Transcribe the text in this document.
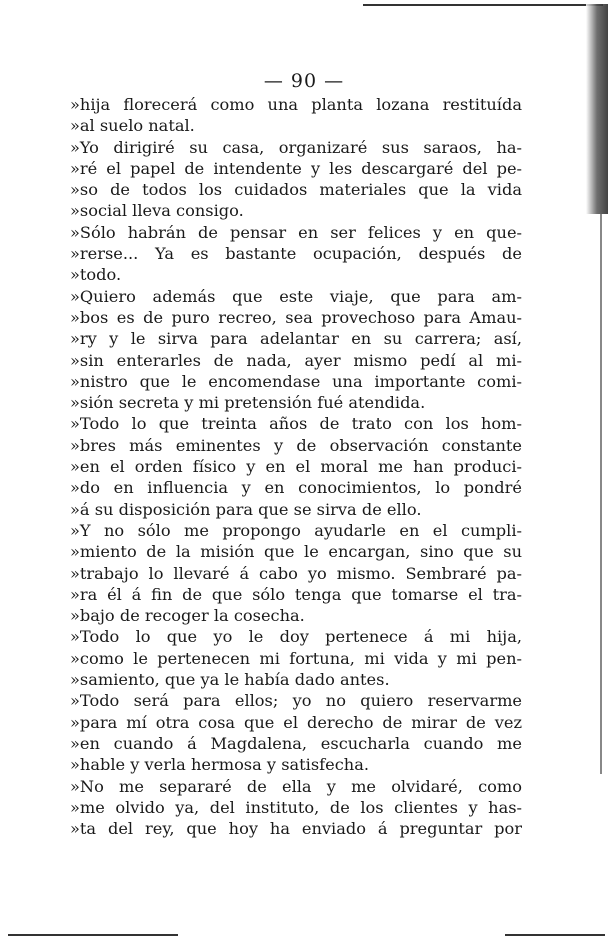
— 90 —
»hija florecerá como una planta lozana restituída
»al suelo natal.
»Yo dirigiré su casa, organizaré sus saraos, ha-
»ré el papel de intendente y les descargaré del pe-
»so de todos los cuidados materiales que la vida
»social lleva consigo.
»Sólo habrán de pensar en ser felices y en que-
»rerse... Ya es bastante ocupación, después de
»todo.
»Quiero además que este viaje, que para am-
»bos es de puro recreo, sea provechoso para Amau-
»ry y le sirva para adelantar en su carrera; así,
»sin enterarles de nada, ayer mismo pedí al mi-
»nistro que le encomendase una importante comi-
»sión secreta y mi pretensión fué atendida.
»Todo lo que treinta años de trato con los hom-
»bres más eminentes y de observación constante
»en el orden físico y en el moral me han produci-
»do en influencia y en conocimientos, lo pondré
»á su disposición para que se sirva de ello.
»Y no sólo me propongo ayudarle en el cumpli-
»miento de la misión que le encargan, sino que su
»trabajo lo llevaré á cabo yo mismo. Sembraré pa-
»ra él á fin de que sólo tenga que tomarse el tra-
»bajo de recoger la cosecha.
»Todo lo que yo le doy pertenece á mi hija,
»como le pertenecen mi fortuna, mi vida y mi pen-
»samiento, que ya le había dado antes.
»Todo será para ellos; yo no quiero reservarme
»para mí otra cosa que el derecho de mirar de vez
»en cuando á Magdalena, escucharla cuando me
»hable y verla hermosa y satisfecha.
»No me separaré de ella y me olvidaré, como
»me olvido ya, del instituto, de los clientes y has-
»ta del rey, que hoy ha enviado á preguntar por
